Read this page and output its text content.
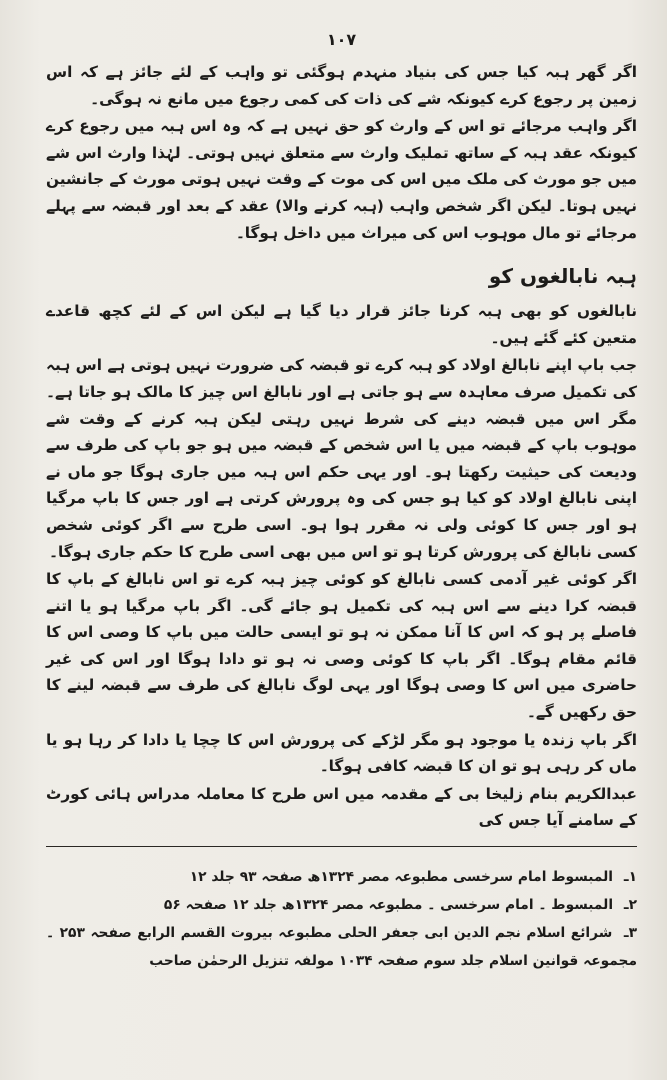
۱۰۷

اگر گھر ہبہ کیا جس کی بنیاد منہدم ہوگئی تو واہب کے لئے جائز ہے کہ اس زمین پر رجوع کرے کیونکہ شے کی ذات کی کمی رجوع میں مانع نہ ہوگی۔

اگر واہب مرجائے تو اس کے وارث کو حق نہیں ہے کہ وہ اس ہبہ میں رجوع کرے کیونکہ عقد ہبہ کے ساتھ تملیک وارث سے متعلق نہیں ہوتی۔ لہٰذا وارث اس شے میں جو مورث کی ملک میں اس کی موت کے وقت نہیں ہوتی مورث کے جانشین نہیں ہوتا۔ لیکن اگر شخص واہب (ہبہ کرنے والا) عقد کے بعد اور قبضہ سے پہلے مرجائے تو مال موہوب اس کی میراث میں داخل ہوگا۔

ہبہ نابالغوں کو

نابالغوں کو بھی ہبہ کرنا جائز قرار دیا گیا ہے لیکن اس کے لئے کچھ قاعدے متعین کئے گئے ہیں۔

جب باپ اپنے نابالغ اولاد کو ہبہ کرے تو قبضہ کی ضرورت نہیں ہوتی ہے اس ہبہ کی تکمیل صرف معاہدہ سے ہو جاتی ہے اور نابالغ اس چیز کا مالک ہو جاتا ہے۔ مگر اس میں قبضہ دینے کی شرط نہیں رہتی لیکن ہبہ کرنے کے وقت شے موہوب باپ کے قبضہ میں یا اس شخص کے قبضہ میں ہو جو باپ کی طرف سے ودیعت کی حیثیت رکھتا ہو۔ اور یہی حکم اس ہبہ میں جاری ہوگا جو ماں نے اپنی نابالغ اولاد کو کیا ہو جس کی وہ پرورش کرتی ہے اور جس کا باپ مرگیا ہو اور جس کا کوئی ولی نہ مقرر ہوا ہو۔ اسی طرح سے اگر کوئی شخص کسی نابالغ کی پرورش کرتا ہو تو اس میں بھی اسی طرح کا حکم جاری ہوگا۔

اگر کوئی غیر آدمی کسی نابالغ کو کوئی چیز ہبہ کرے تو اس نابالغ کے باپ کا قبضہ کرا دینے سے اس ہبہ کی تکمیل ہو جائے گی۔ اگر باپ مرگیا ہو یا اتنے فاصلے پر ہو کہ اس کا آنا ممکن نہ ہو تو ایسی حالت میں باپ کا وصی اس کا قائم مقام ہوگا۔ اگر باپ کا کوئی وصی نہ ہو تو دادا ہوگا اور اس کی غیر حاضری میں اس کا وصی ہوگا اور یہی لوگ نابالغ کی طرف سے قبضہ لینے کا حق رکھیں گے۔

اگر باپ زندہ یا موجود ہو مگر لڑکے کی پرورش اس کا چچا یا دادا کر رہا ہو یا ماں کر رہی ہو تو ان کا قبضہ کافی ہوگا۔

عبدالکریم بنام زلیخا بی کے مقدمہ میں اس طرح کا معاملہ مدراس ہائی کورٹ کے سامنے آیا جس کی

۱ـ المبسوط امام سرخسی مطبوعہ مصر ۱۳۲۴ھ صفحہ ۹۳ جلد ۱۲

۲ـ المبسوط ۔ امام سرخسی ۔ مطبوعہ مصر ۱۳۲۴ھ جلد ۱۲ صفحہ ۵۶

۳ـ شرائع اسلام نجم الدین ابی جعفر الحلی مطبوعہ بیروت القسم الرابع صفحہ ۲۵۳ ۔ مجموعہ قوانین اسلام جلد سوم صفحہ ۱۰۳۴ مولفہ تنزیل الرحمٰن صاحب
